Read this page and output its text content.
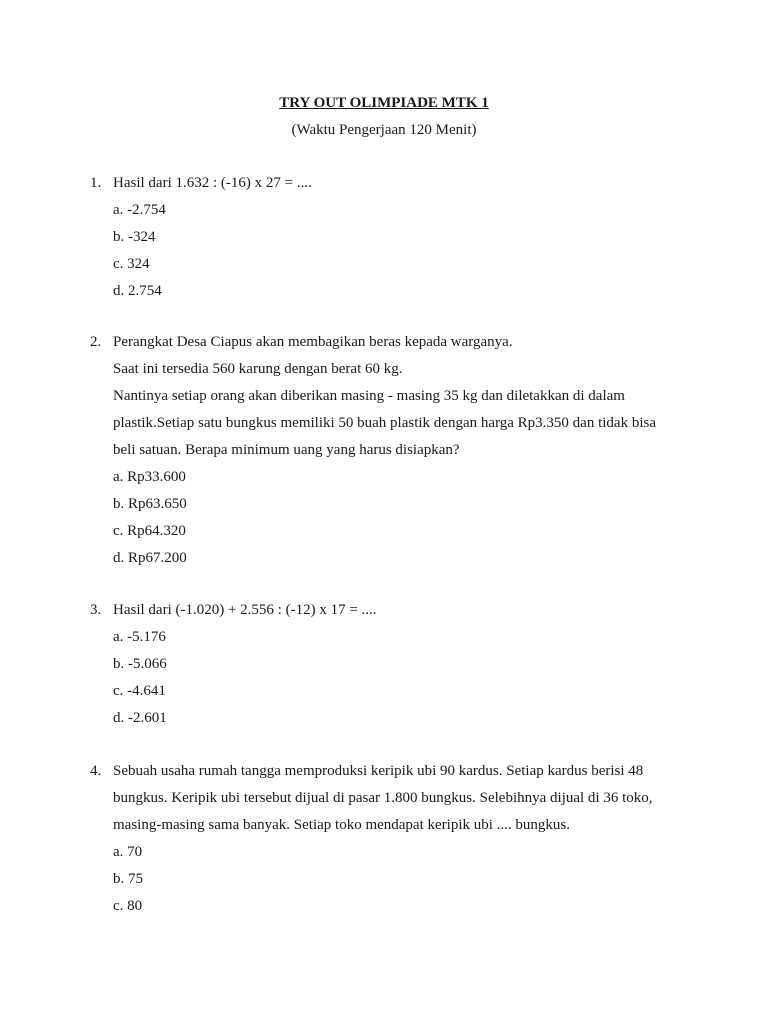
TRY OUT OLIMPIADE MTK 1
(Waktu Pengerjaan 120 Menit)
1. Hasil dari 1.632 : (-16) x 27 = ....
a. -2.754
b. -324
c. 324
d. 2.754
2. Perangkat Desa Ciapus akan membagikan beras kepada warganya.
Saat ini tersedia 560 karung dengan berat 60 kg.
Nantinya setiap orang akan diberikan masing - masing 35 kg dan diletakkan di dalam
plastik.Setiap satu bungkus memiliki 50 buah plastik dengan harga Rp3.350 dan tidak bisa
beli satuan. Berapa minimum uang yang harus disiapkan?
a. Rp33.600
b. Rp63.650
c. Rp64.320
d. Rp67.200
3. Hasil dari (-1.020) + 2.556 : (-12) x 17 = ....
a. -5.176
b. -5.066
c. -4.641
d. -2.601
4. Sebuah usaha rumah tangga memproduksi keripik ubi 90 kardus. Setiap kardus berisi 48
bungkus. Keripik ubi tersebut dijual di pasar 1.800 bungkus. Selebihnya dijual di 36 toko,
masing-masing sama banyak. Setiap toko mendapat keripik ubi .... bungkus.
a. 70
b. 75
c. 80
